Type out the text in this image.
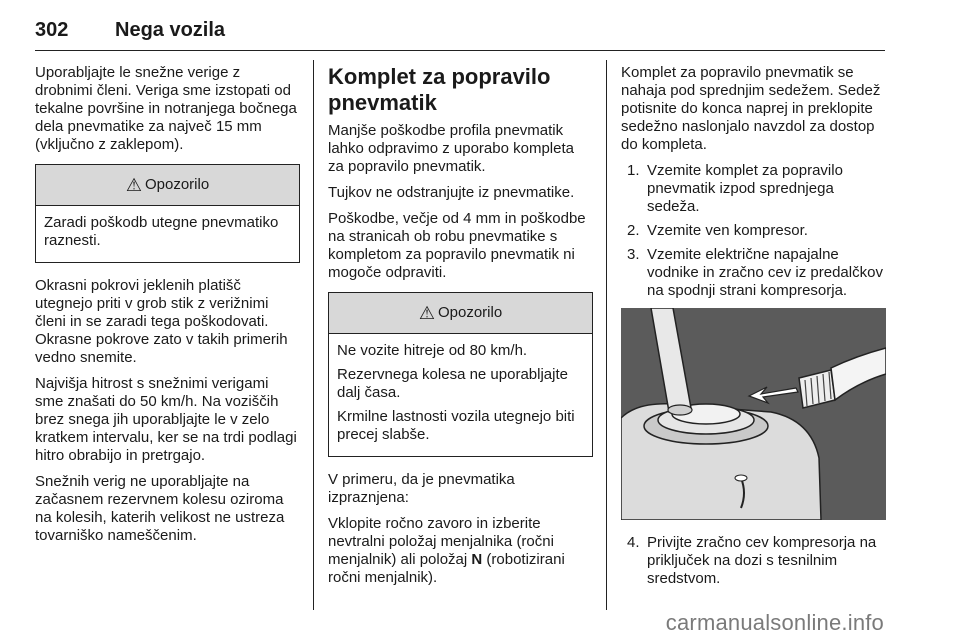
302 Nega vozila

Uporabljajte le snežne verige z drobnimi členi. Veriga sme izstopati od tekalne površine in notranjega bočnega dela pnevmatike za največ 15 mm (vključno z zaklepom).

⚠ Opozorilo

Zaradi poškodb utegne pnevmatiko raznesti.

Okrasni pokrovi jeklenih platišč utegnejo priti v grob stik z verižnimi členi in se zaradi tega poškodovati. Okrasne pokrove zato v takih primerih vedno snemite.

Najvišja hitrost s snežnimi verigami sme znašati do 50 km/h. Na voziščih brez snega jih uporabljajte le v zelo kratkem intervalu, ker se na trdi podlagi hitro obrabijo in pretrgajo.

Snežnih verig ne uporabljajte na začasnem rezervnem kolesu oziroma na kolesih, katerih velikost ne ustreza tovarniško nameščenim.

Komplet za popravilo pnevmatik

Manjše poškodbe profila pnevmatik lahko odpravimo z uporabo kompleta za popravilo pnevmatik.

Tujkov ne odstranjujte iz pnevmatike.

Poškodbe, večje od 4 mm in poškodbe na stranicah ob robu pnevmatike s kompletom za popravilo pnevmatik ni mogoče odpraviti.

⚠ Opozorilo

Ne vozite hitreje od 80 km/h.

Rezervnega kolesa ne uporabljajte dalj časa.

Krmilne lastnosti vozila utegnejo biti precej slabše.

V primeru, da je pnevmatika izpraznjena:

Vklopite ročno zavoro in izberite nevtralni položaj menjalnika (ročni menjalnik) ali položaj N (robotizirani ročni menjalnik).

Komplet za popravilo pnevmatik se nahaja pod sprednjim sedežem. Sedež potisnite do konca naprej in preklopite sedežno naslonjalo navzdol za dostop do kompleta.

1. Vzemite komplet za popravilo pnevmatik izpod sprednjega sedeža.
2. Vzemite ven kompresor.
3. Vzemite električne napajalne vodnike in zračno cev iz predalčkov na spodnji strani kompresorja.
4. Privijte zračno cev kompresorja na priključek na dozi s tesnilnim sredstvom.
carmanualsonline.info
